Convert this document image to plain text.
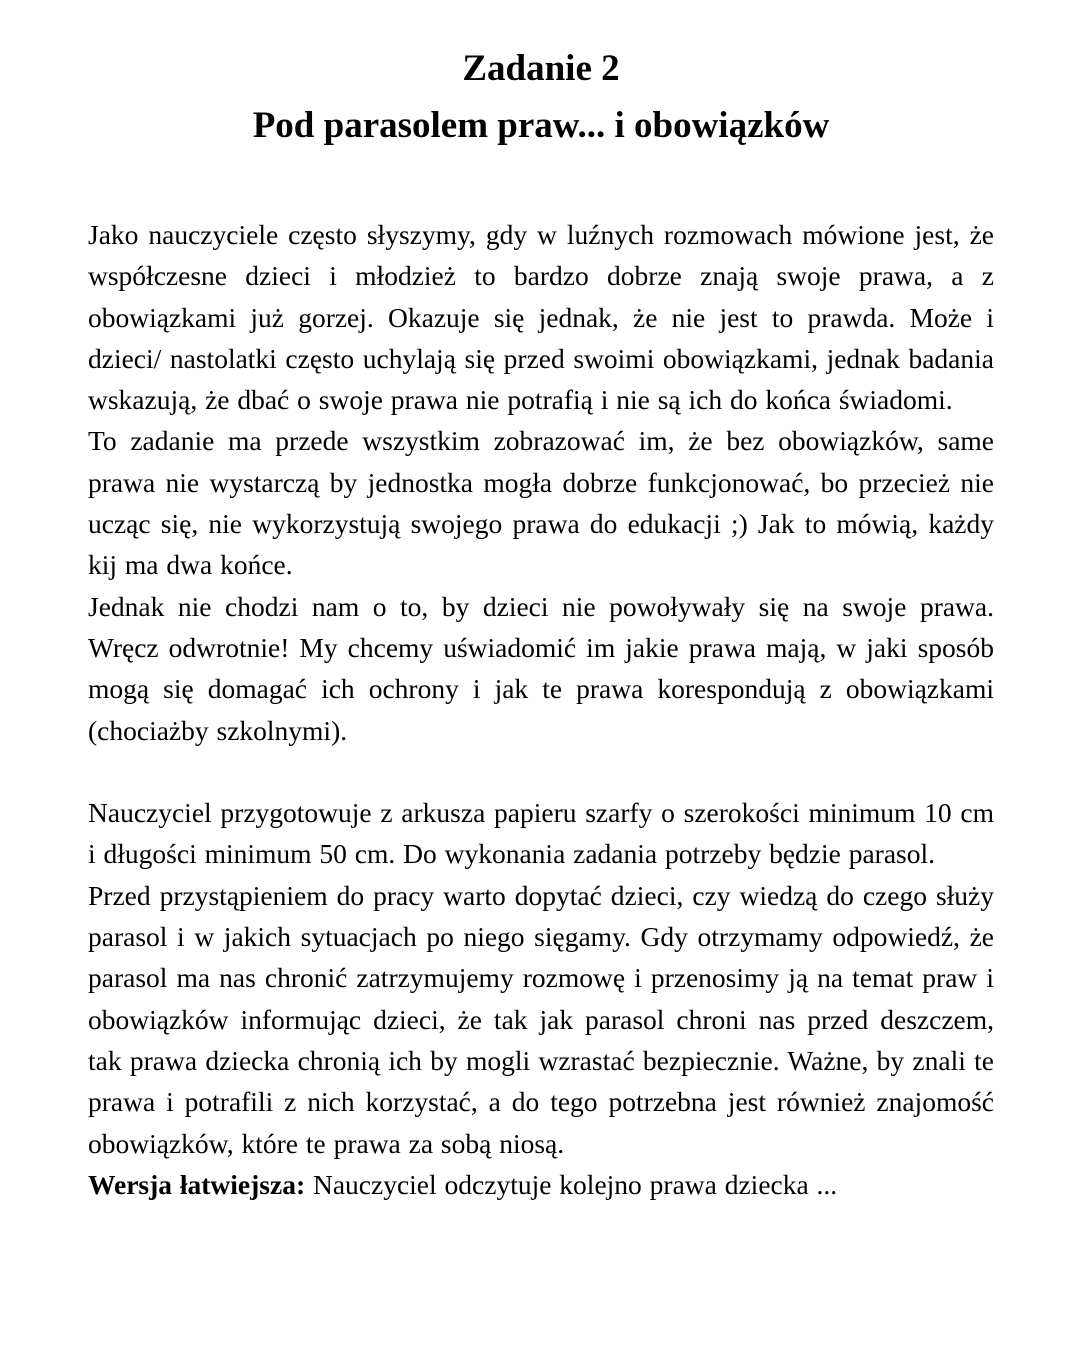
Zadanie 2
Pod parasolem praw... i obowiązków

Jako nauczyciele często słyszymy, gdy w luźnych rozmowach mówione jest, że współczesne dzieci i młodzież to bardzo dobrze znają swoje prawa, a z obowiązkami już gorzej. Okazuje się jednak, że nie jest to prawda. Może i dzieci/ nastolatki często uchylają się przed swoimi obowiązkami, jednak badania wskazują, że dbać o swoje prawa nie potrafią i nie są ich do końca świadomi.

To zadanie ma przede wszystkim zobrazować im, że bez obowiązków, same prawa nie wystarczą by jednostka mogła dobrze funkcjonować, bo przecież nie ucząc się, nie wykorzystują swojego prawa do edukacji ;) Jak to mówią, każdy kij ma dwa końce.

Jednak nie chodzi nam o to, by dzieci nie powoływały się na swoje prawa. Wręcz odwrotnie! My chcemy uświadomić im jakie prawa mają, w jaki sposób mogą się domagać ich ochrony i jak te prawa korespondują z obowiązkami (chociażby szkolnymi).

Nauczyciel przygotowuje z arkusza papieru szarfy o szerokości minimum 10 cm i długości minimum 50 cm. Do wykonania zadania potrzeby będzie parasol.

Przed przystąpieniem do pracy warto dopytać dzieci, czy wiedzą do czego służy parasol i w jakich sytuacjach po niego sięgamy. Gdy otrzymamy odpowiedź, że parasol ma nas chronić zatrzymujemy rozmowę i przenosimy ją na temat praw i obowiązków informując dzieci, że tak jak parasol chroni nas przed deszczem, tak prawa dziecka chronią ich by mogli wzrastać bezpiecznie. Ważne, by znali te prawa i potrafili z nich korzystać, a do tego potrzebna jest również znajomość obowiązków, które te prawa za sobą niosą.

Wersja łatwiejsza: Nauczyciel odczytuje kolejno prawa dziecka ...
